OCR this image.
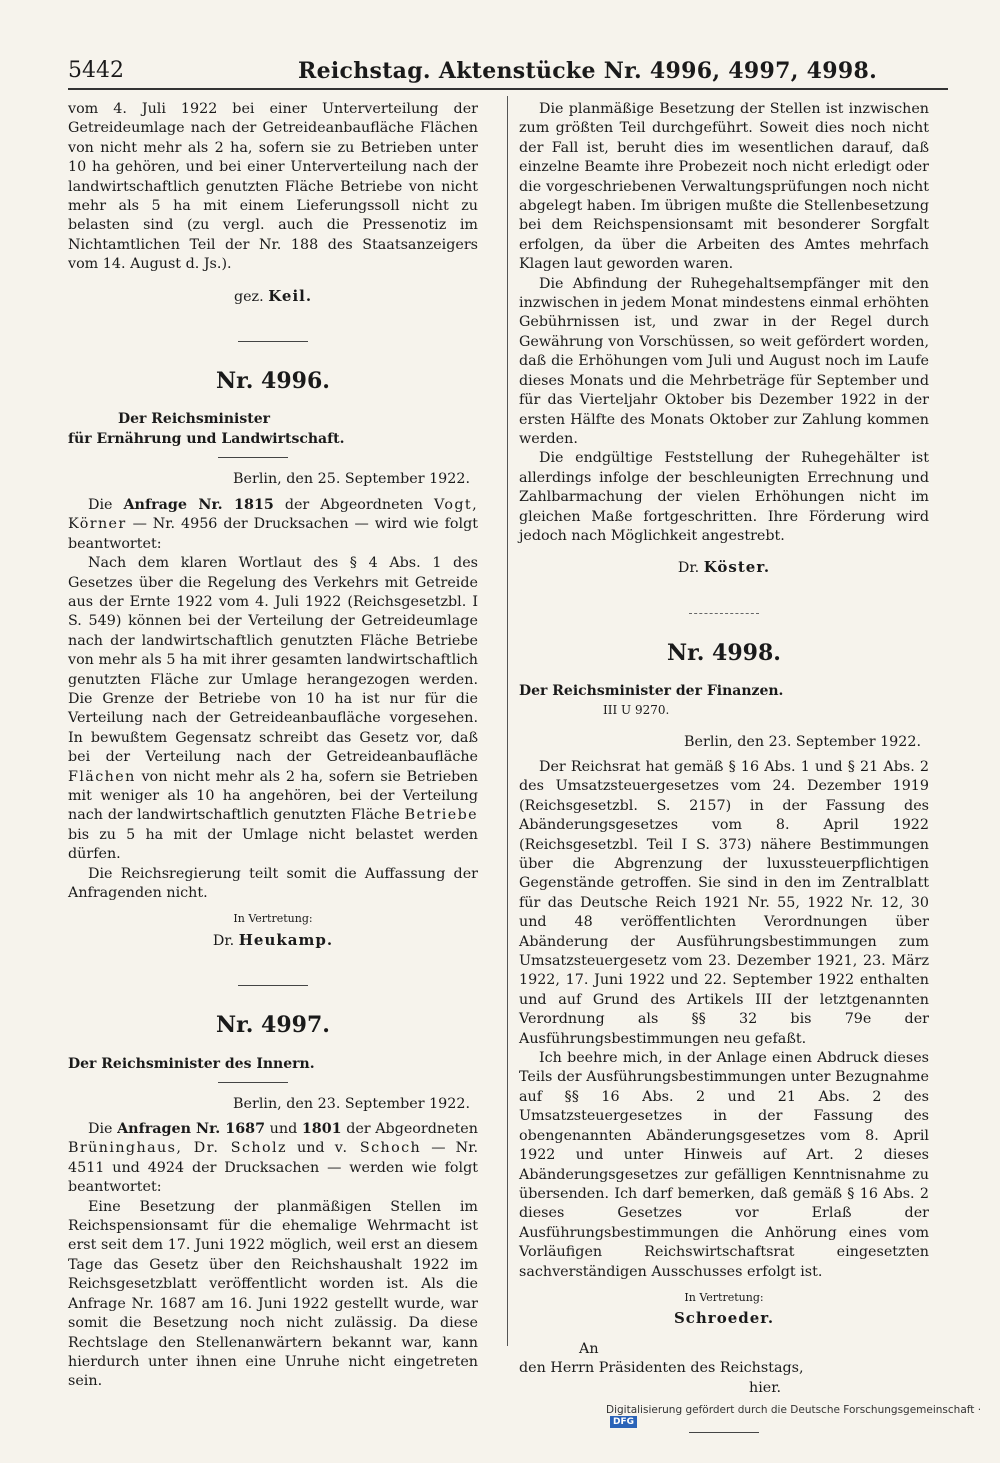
5442	Reichstag. Aktenstücke Nr. 4996, 4997, 4998.

vom 4. Juli 1922 bei einer Unterverteilung der Getreideumlage nach der Getreideanbaufläche Flächen von nicht mehr als 2 ha, sofern sie zu Betrieben unter 10 ha gehören, und bei einer Unterverteilung nach der landwirtschaftlich genutzten Fläche Betriebe von nicht mehr als 5 ha mit einem Lieferungssoll nicht zu belasten sind (zu vergl. auch die Pressenotiz im Nichtamtlichen Teil der Nr. 188 des Staatsanzeigers vom 14. August d. Js.).

gez. Keil.
Nr. 4996.
Der Reichsminister
für Ernährung und Landwirtschaft.
Berlin, den 25. September 1922.

Die Anfrage Nr. 1815 der Abgeordneten Vogt, Körner — Nr. 4956 der Drucksachen — wird wie folgt beantwortet:

Nach dem klaren Wortlaut des § 4 Abs. 1 des Gesetzes über die Regelung des Verkehrs mit Getreide aus der Ernte 1922 vom 4. Juli 1922 (Reichsgesetzbl. I S. 549) können bei der Verteilung der Getreideumlage nach der landwirtschaftlich genutzten Fläche Betriebe von mehr als 5 ha mit ihrer gesamten landwirtschaftlich genutzten Fläche zur Umlage herangezogen werden. Die Grenze der Betriebe von 10 ha ist nur für die Verteilung nach der Getreideanbaufläche vorgesehen. In bewußtem Gegensatz schreibt das Gesetz vor, daß bei der Verteilung nach der Getreideanbaufläche Flächen von nicht mehr als 2 ha, sofern sie Betrieben mit weniger als 10 ha angehören, bei der Verteilung nach der landwirtschaftlich genutzten Fläche Betriebe bis zu 5 ha mit der Umlage nicht belastet werden dürfen.

Die Reichsregierung teilt somit die Auffassung der Anfragenden nicht.

In Vertretung:
Dr. Heukamp.
Nr. 4997.
Der Reichsminister des Innern.
Berlin, den 23. September 1922.

Die Anfragen Nr. 1687 und 1801 der Abgeordneten Brüninghaus, Dr. Scholz und v. Schoch — Nr. 4511 und 4924 der Drucksachen — werden wie folgt beantwortet:

Eine Besetzung der planmäßigen Stellen im Reichspensionsamt für die ehemalige Wehrmacht ist erst seit dem 17. Juni 1922 möglich, weil erst an diesem Tage das Gesetz über den Reichshaushalt 1922 im Reichsgesetzblatt veröffentlicht worden ist. Als die Anfrage Nr. 1687 am 16. Juni 1922 gestellt wurde, war somit die Besetzung noch nicht zulässig. Da diese Rechtslage den Stellenanwärtern bekannt war, kann hierdurch unter ihnen eine Unruhe nicht eingetreten sein.

Die planmäßige Besetzung der Stellen ist inzwischen zum größten Teil durchgeführt. Soweit dies noch nicht der Fall ist, beruht dies im wesentlichen darauf, daß einzelne Beamte ihre Probezeit noch nicht erledigt oder die vorgeschriebenen Verwaltungsprüfungen noch nicht abgelegt haben. Im übrigen mußte die Stellenbesetzung bei dem Reichspensionsamt mit besonderer Sorgfalt erfolgen, da über die Arbeiten des Amtes mehrfach Klagen laut geworden waren.

Die Abfindung der Ruhegehaltsempfänger mit den inzwischen in jedem Monat mindestens einmal erhöhten Gebührnissen ist, und zwar in der Regel durch Gewährung von Vorschüssen, so weit gefördert worden, daß die Erhöhungen vom Juli und August noch im Laufe dieses Monats und die Mehrbeträge für September und für das Vierteljahr Oktober bis Dezember 1922 in der ersten Hälfte des Monats Oktober zur Zahlung kommen werden.

Die endgültige Feststellung der Ruhegehälter ist allerdings infolge der beschleunigten Errechnung und Zahlbarmachung der vielen Erhöhungen nicht im gleichen Maße fortgeschritten. Ihre Förderung wird jedoch nach Möglichkeit angestrebt.

Dr. Köster.
Nr. 4998.
Der Reichsminister der Finanzen.
III U 9270.
Berlin, den 23. September 1922.

Der Reichsrat hat gemäß § 16 Abs. 1 und § 21 Abs. 2 des Umsatzsteuergesetzes vom 24. Dezember 1919 (Reichsgesetzbl. S. 2157) in der Fassung des Abänderungsgesetzes vom 8. April 1922 (Reichsgesetzbl. Teil I S. 373) nähere Bestimmungen über die Abgrenzung der luxussteuerpflichtigen Gegenstände getroffen. Sie sind in den im Zentralblatt für das Deutsche Reich 1921 Nr. 55, 1922 Nr. 12, 30 und 48 veröffentlichten Verordnungen über Abänderung der Ausführungsbestimmungen zum Umsatzsteuergesetz vom 23. Dezember 1921, 23. März 1922, 17. Juni 1922 und 22. September 1922 enthalten und auf Grund des Artikels III der letztgenannten Verordnung als §§ 32 bis 79e der Ausführungsbestimmungen neu gefaßt.

Ich beehre mich, in der Anlage einen Abdruck dieses Teils der Ausführungsbestimmungen unter Bezugnahme auf §§ 16 Abs. 2 und 21 Abs. 2 des Umsatzsteuergesetzes in der Fassung des obengenannten Abänderungsgesetzes vom 8. April 1922 und unter Hinweis auf Art. 2 dieses Abänderungsgesetzes zur gefälligen Kenntnisnahme zu übersenden. Ich darf bemerken, daß gemäß § 16 Abs. 2 dieses Gesetzes vor Erlaß der Ausführungsbestimmungen die Anhörung eines vom Vorläufigen Reichswirtschaftsrat eingesetzten sachverständigen Ausschusses erfolgt ist.

In Vertretung:
Schroeder.
An
den Herrn Präsidenten des Reichstags,
hier.
Digitalisierung gefördert durch die Deutsche Forschungsgemeinschaft · DFG
